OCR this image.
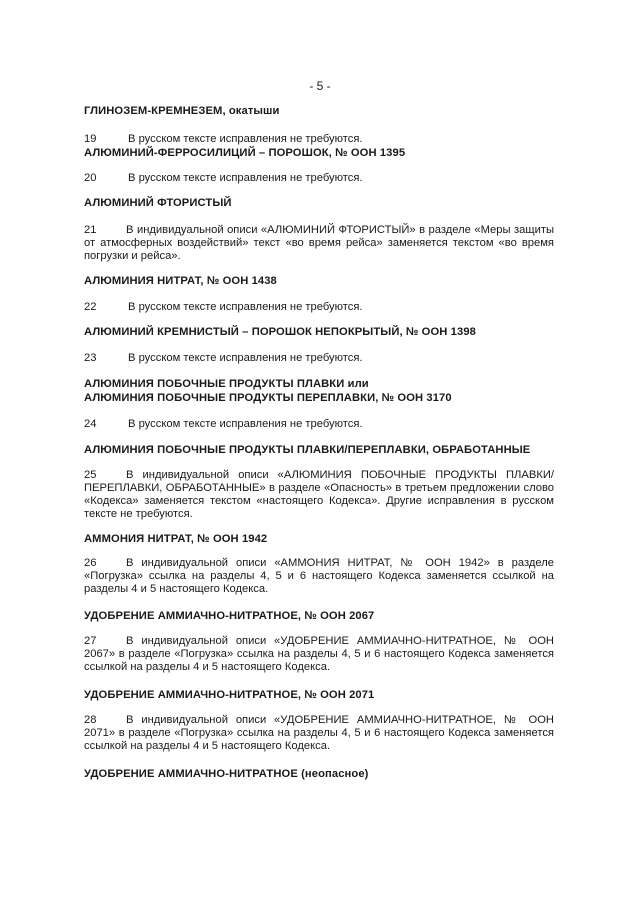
- 5 -
ГЛИНОЗЕМ-КРЕМНЕЗЕМ, окатыши
19	В русском тексте исправления не требуются.
АЛЮМИНИЙ-ФЕРРОСИЛИЦИЙ – ПОРОШОК, № ООН 1395
20	В русском тексте исправления не требуются.
АЛЮМИНИЙ ФТОРИСТЫЙ
21	В индивидуальной описи «АЛЮМИНИЙ ФТОРИСТЫЙ» в разделе «Меры защиты от атмосферных воздействий» текст «во время рейса» заменяется текстом «во время погрузки и рейса».
АЛЮМИНИЯ НИТРАТ, № ООН 1438
22	В русском тексте исправления не требуются.
АЛЮМИНИЙ КРЕМНИСТЫЙ – ПОРОШОК НЕПОКРЫТЫЙ, № ООН 1398
23	В русском тексте исправления не требуются.
АЛЮМИНИЯ ПОБОЧНЫЕ ПРОДУКТЫ ПЛАВКИ или
АЛЮМИНИЯ ПОБОЧНЫЕ ПРОДУКТЫ ПЕРЕПЛАВКИ, № ООН 3170
24	В русском тексте исправления не требуются.
АЛЮМИНИЯ ПОБОЧНЫЕ ПРОДУКТЫ ПЛАВКИ/ПЕРЕПЛАВКИ, ОБРАБОТАННЫЕ
25	В индивидуальной описи «АЛЮМИНИЯ ПОБОЧНЫЕ ПРОДУКТЫ ПЛАВКИ/ ПЕРЕПЛАВКИ, ОБРАБОТАННЫЕ» в разделе «Опасность» в третьем предложении слово «Кодекса» заменяется текстом «настоящего Кодекса». Другие исправления в русском тексте не требуются.
АММОНИЯ НИТРАТ, № ООН 1942
26	В индивидуальной описи «АММОНИЯ НИТРАТ, № ООН 1942» в разделе «Погрузка» ссылка на разделы 4, 5 и 6 настоящего Кодекса заменяется ссылкой на разделы 4 и 5 настоящего Кодекса.
УДОБРЕНИЕ АММИАЧНО-НИТРАТНОЕ, № ООН 2067
27	В индивидуальной описи «УДОБРЕНИЕ АММИАЧНО-НИТРАТНОЕ, № ООН 2067» в разделе «Погрузка» ссылка на разделы 4, 5 и 6 настоящего Кодекса заменяется ссылкой на разделы 4 и 5 настоящего Кодекса.
УДОБРЕНИЕ АММИАЧНО-НИТРАТНОЕ, № ООН 2071
28	В индивидуальной описи «УДОБРЕНИЕ АММИАЧНО-НИТРАТНОЕ, № ООН 2071» в разделе «Погрузка» ссылка на разделы 4, 5 и 6 настоящего Кодекса заменяется ссылкой на разделы 4 и 5 настоящего Кодекса.
УДОБРЕНИЕ АММИАЧНО-НИТРАТНОЕ (неопасное)
